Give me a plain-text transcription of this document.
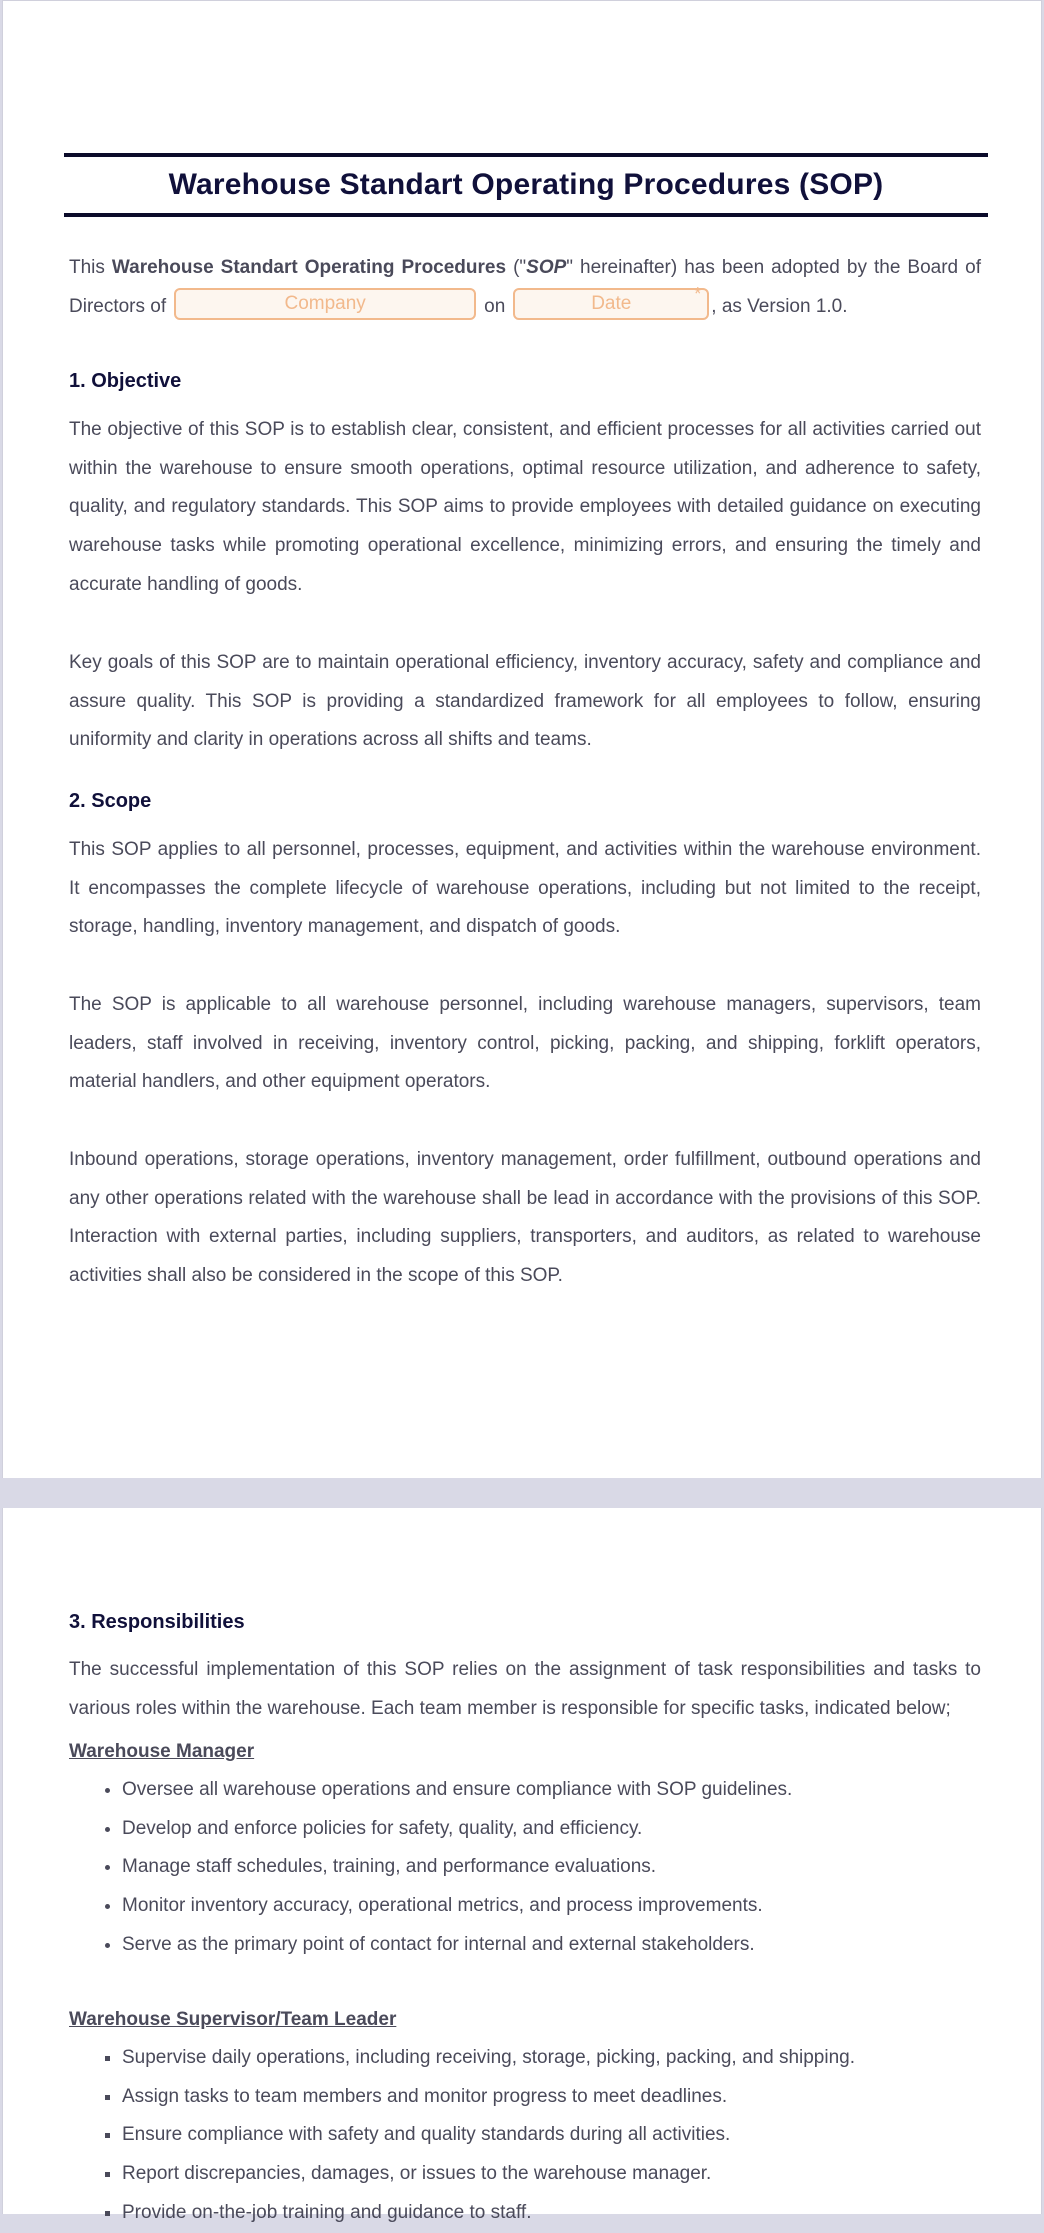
Warehouse Standart Operating Procedures (SOP)

This Warehouse Standart Operating Procedures ("SOP" hereinafter) has been adopted by the Board of Directors of	Company	on	Date	*
, as Version 1.0.

1. Objective

The objective of this SOP is to establish clear, consistent, and efficient processes for all activities carried out within the warehouse to ensure smooth operations, optimal resource utilization, and adherence to safety, quality, and regulatory standards. This SOP aims to provide employees with detailed guidance on executing warehouse tasks while promoting operational excellence, minimizing errors, and ensuring the timely and accurate handling of goods.

Key goals of this SOP are to maintain operational efficiency, inventory accuracy, safety and compliance and assure quality. This SOP is providing a standardized framework for all employees to follow, ensuring uniformity and clarity in operations across all shifts and teams.

2. Scope

This SOP applies to all personnel, processes, equipment, and activities within the warehouse environment. It encompasses the complete lifecycle of warehouse operations, including but not limited to the receipt, storage, handling, inventory management, and dispatch of goods.

The SOP is applicable to all warehouse personnel, including warehouse managers, supervisors, team leaders, staff involved in receiving, inventory control, picking, packing, and shipping, forklift operators, material handlers, and other equipment operators.

Inbound operations, storage operations, inventory management, order fulfillment, outbound operations and any other operations related with the warehouse shall be lead in accordance with the provisions of this SOP. Interaction with external parties, including suppliers, transporters, and auditors, as related to warehouse activities shall also be considered in the scope of this SOP.

3. Responsibilities

The successful implementation of this SOP relies on the assignment of task responsibilities and tasks to various roles within the warehouse. Each team member is responsible for specific tasks, indicated below;

Warehouse Manager
• Oversee all warehouse operations and ensure compliance with SOP guidelines.
• Develop and enforce policies for safety, quality, and efficiency.
• Manage staff schedules, training, and performance evaluations.
• Monitor inventory accuracy, operational metrics, and process improvements.
• Serve as the primary point of contact for internal and external stakeholders.
Warehouse Supervisor/Team Leader
▪ Supervise daily operations, including receiving, storage, picking, packing, and shipping.
▪ Assign tasks to team members and monitor progress to meet deadlines.
▪ Ensure compliance with safety and quality standards during all activities.
▪ Report discrepancies, damages, or issues to the warehouse manager.
▪ Provide on-the-job training and guidance to staff.
